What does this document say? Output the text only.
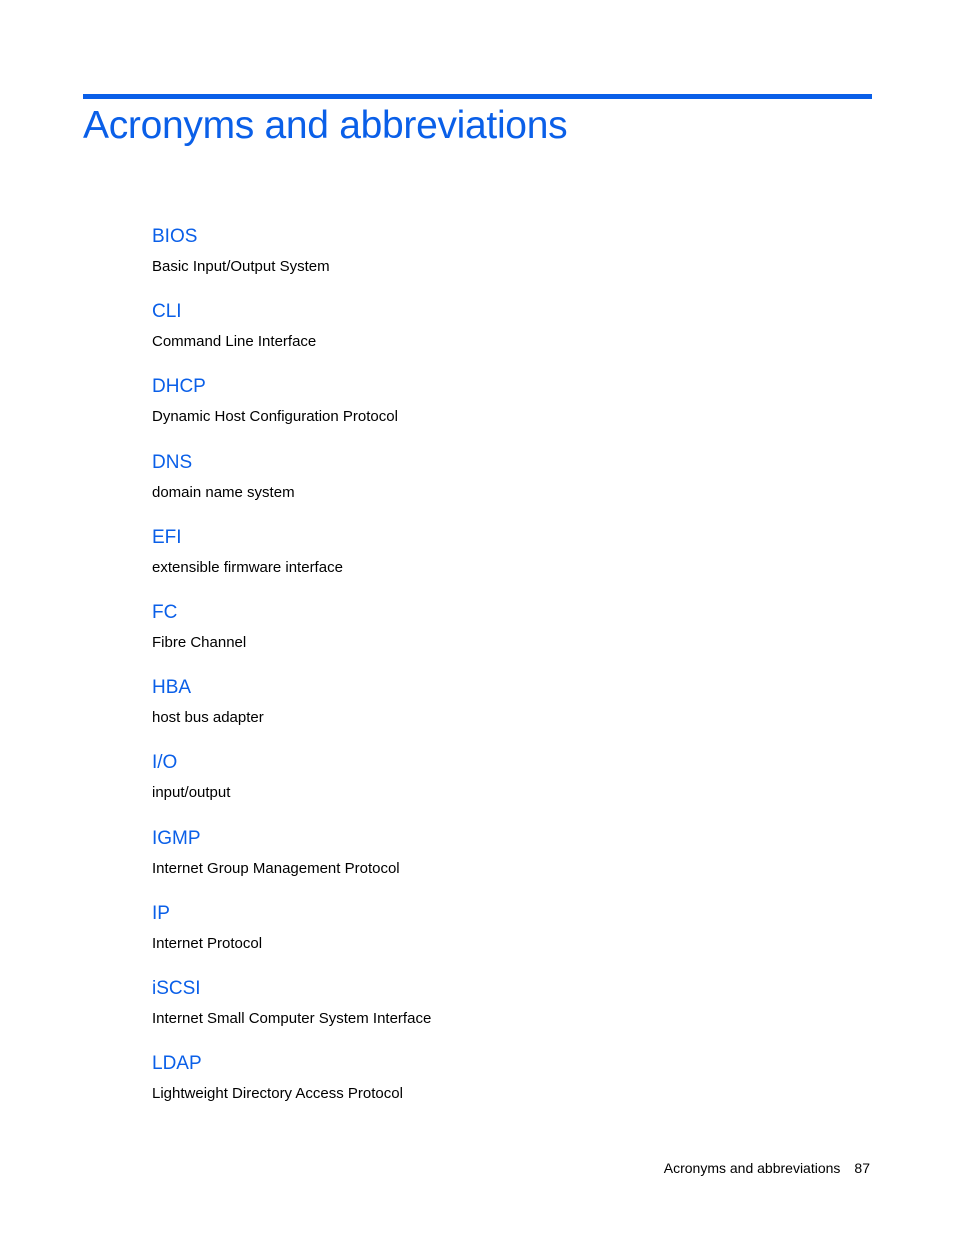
Acronyms and abbreviations
BIOS

Basic Input/Output System

CLI

Command Line Interface

DHCP

Dynamic Host Configuration Protocol

DNS

domain name system

EFI

extensible firmware interface

FC

Fibre Channel

HBA

host bus adapter

I/O

input/output

IGMP

Internet Group Management Protocol

IP

Internet Protocol

iSCSI

Internet Small Computer System Interface

LDAP

Lightweight Directory Access Protocol

Acronyms and abbreviations 87
